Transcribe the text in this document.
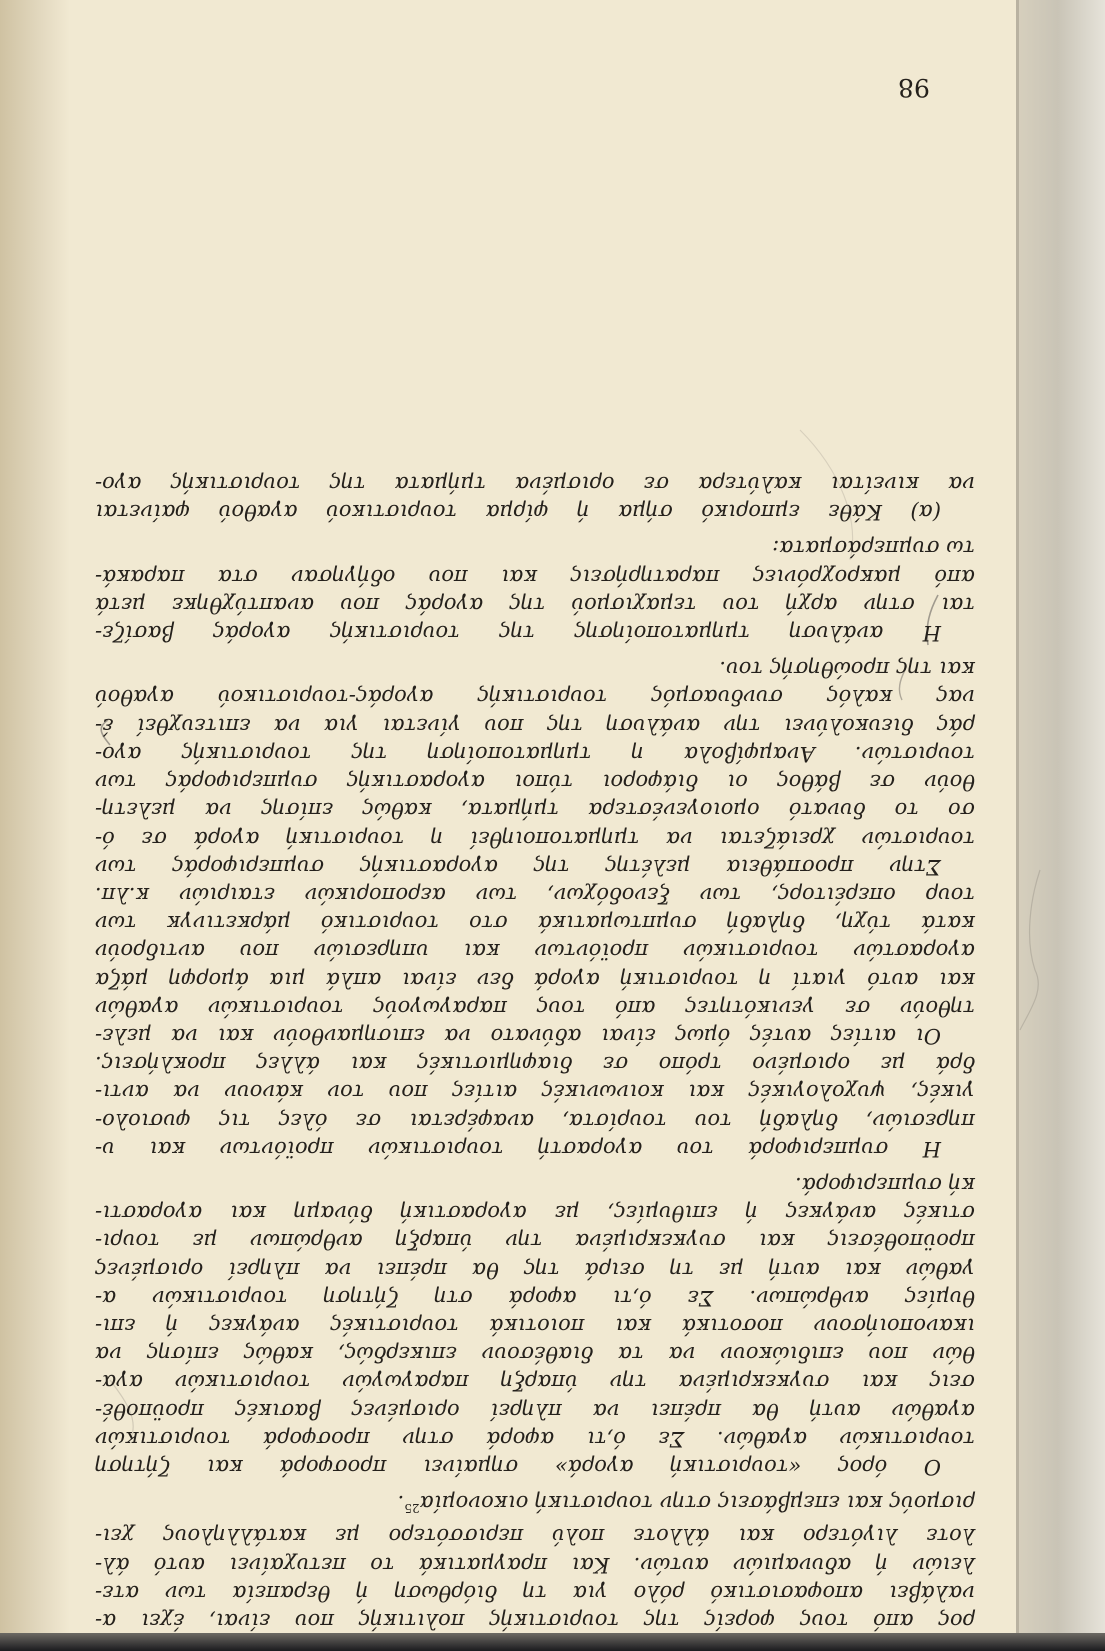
98
ρος από τους φορείς της τουριστικής πολιτικής που είναι, έχει α-
ναλάβει αποφασιστικό ρόλο για τη διόρθωση ή θεραπεία των ατε-
λειών ή αδυναμιών αυτών. Και πραγματικά το πετυχαίνει αυτό άλ-
λοτε λιγότερο και άλλοτε πολύ περισσότερο με κατάλληλους χει-
ρισμούς και επεμβάσεις στην τουριστική οικονομία$^{25}$.
Ο όρος «τουριστική αγορά» σημαίνει προσφορά και ζήτηση
τουριστικών αγαθών. Σε ό,τι αφορά στην προσφορά τουριστικών
αγαθών αυτή θα πρέπει να πληρεί ορισμένες βασικές προϋποθέ-
σεις και συγκεκριμένα την ύπαρξη παραγωγών τουριστικών αγα-
θών που επιδιώκουν να τα διαθέσουν επικερδώς, καθώς επίσης να
ικανοποιήσουν ποσοτικά και ποιοτικά τουριστικές ανάγκες ή επι-
θυμίες ανθρώπων. Σε ό,τι αφορά στη ζήτηση τουριστικών α-
γαθών και αυτή με τη σειρά της θα πρέπει να πληρεί ορισμένες
προϋποθέσεις και συγκεκριμένα την ύπαρξη ανθρώπων με τουρι-
στικές ανάγκες ή επιθυμίες, με αγοραστική δύναμη και αγοραστι-
κή συμπεριφορά.
Η συμπεριφορά του αγοραστή τουριστικών προϊόντων και υ-
πηρεσιών, δηλαδή του τουρίστα, αναφέρεται σε όλες τις φυσιολο-
γικές, ψυχολογικές και κοινωνικές αιτίες που τον κάνουν να αντι-
δρά με ορισμένο τρόπο σε διαφημιστικές και άλλες προκλήσεις.
Οι αιτίες αυτές όμως είναι αδύνατο να επισημανθούν και να μελε-
τηθούν σε γενικότητες από τους παραγωγούς τουριστικών αγαθών
και αυτό γιατί η τουριστική αγορά δεν είναι απλά μια άμορφη μάζα
αγοραστών τουριστικών προϊόντων και υπηρεσιών που αντιδρούν
κατά τύχη, δηλαδή συμπτωματικά στο τουριστικό μάρκετινγκ των
τουρ οπερέιτορς, των ξενοδόχων, των αεροπορικών εταιριών κ.λπ.
Στην προσπάθεια μελέτης της αγοραστικής συμπεριφοράς των
τουριστών χρειάζεται να τμηματοποιηθεί η τουριστική αγορά σε ό-
σο το δυνατό ομοιογενέστερα τμήματα, καθώς επίσης να μελετη-
θούν σε βάθος οι διάφοροι τύποι αγοραστικής συμπεριφοράς των
τουριστών. Αναμφίβολα η τμηματοποίηση της τουριστικής αγο-
ράς διευκολύνει την ανάλυση της που γίνεται για να επιτευχθεί έ-
νας καλός συνδυασμός τουριστικής αγοράς-τουριστικού αγαθού
και της προώθησής του.
Η ανάλυση τμηματοποίησης της τουριστικής αγοράς βασίζε-
ται στην αρχή του τεμαχισμού της αγοράς που αναπτύχθηκε μετά
από μακροχρόνιες παρατηρήσεις και που οδήγησαν στα παρακά-
τω συμπεράσματα:
(α) Κάθε εμπορικό σήμα ή φίρμα τουριστικού αγαθού φαίνεται
να κινείται καλύτερα σε ορισμένα τμήματα της τουριστικής αγο-
